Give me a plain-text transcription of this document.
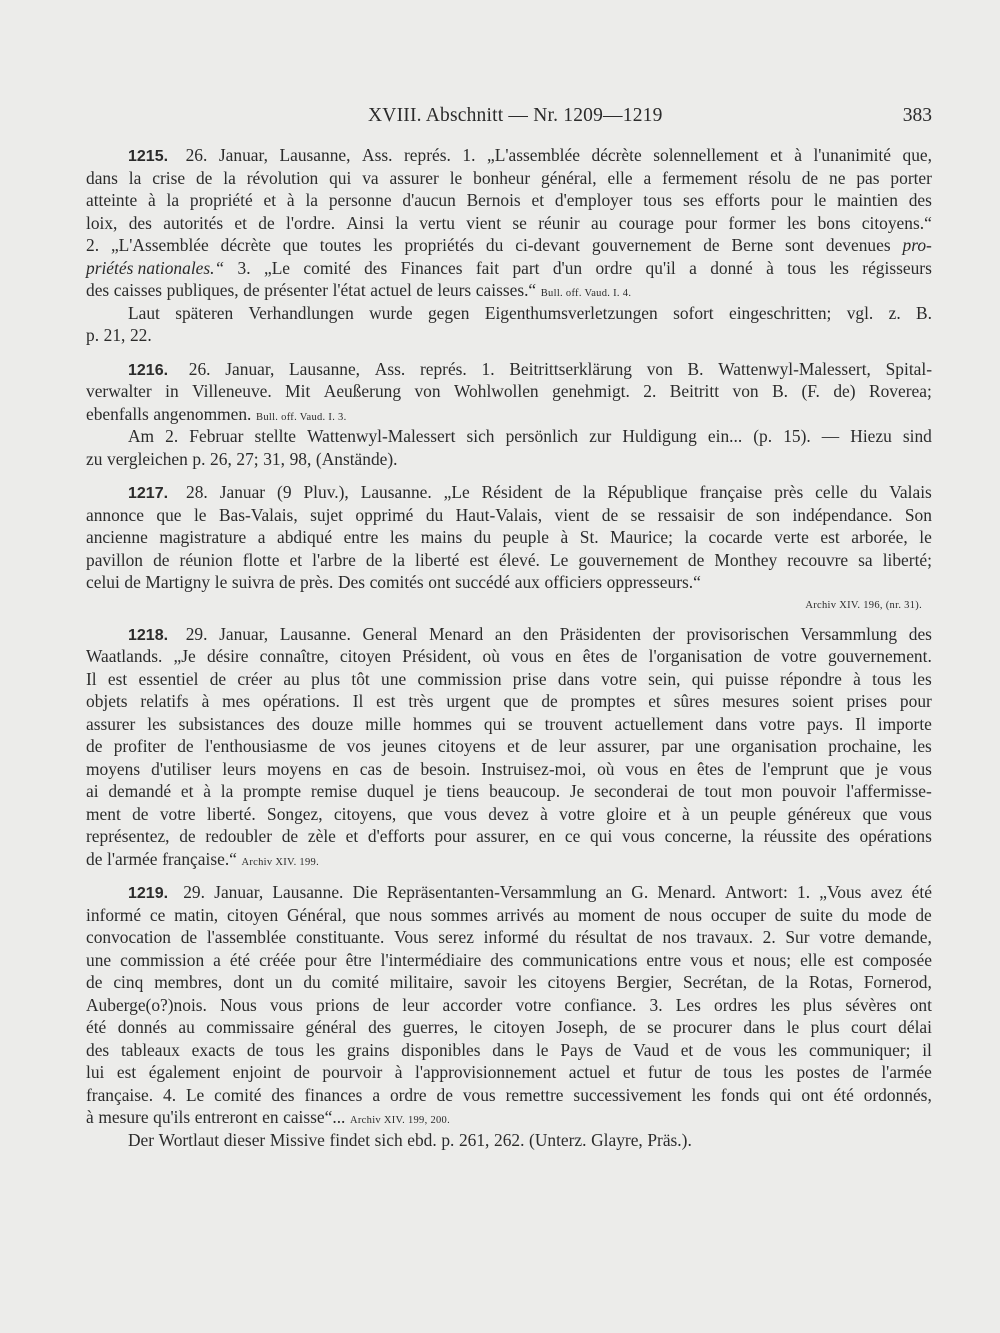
XVIII. Abschnitt — Nr. 1209—1219	383
1215. 26. Januar, Lausanne, Ass. représ. 1. „L'assemblée décrète solennellement et à l'unanimité que,
dans la crise de la révolution qui va assurer le bonheur général, elle a fermement résolu de ne pas porter
atteinte à la propriété et à la personne d'aucun Bernois et d'employer tous ses efforts pour le maintien des
loix, des autorités et de l'ordre. Ainsi la vertu vient se réunir au courage pour former les bons citoyens.“
2. „L'Assemblée décrète que toutes les propriétés du ci-devant gouvernement de Berne sont devenues pro-
priétés nationales.“ 3. „Le comité des Finances fait part d'un ordre qu'il a donné à tous les régisseurs
des caisses publiques, de présenter l'état actuel de leurs caisses.“ Bull. off. Vaud. I. 4.
Laut späteren Verhandlungen wurde gegen Eigenthumsverletzungen sofort eingeschritten; vgl. z. B.
p. 21, 22.
1216. 26. Januar, Lausanne, Ass. représ. 1. Beitrittserklärung von B. Wattenwyl-Malessert, Spital-
verwalter in Villeneuve. Mit Aeußerung von Wohlwollen genehmigt. 2. Beitritt von B. (F. de) Roverea;
ebenfalls angenommen. Bull. off. Vaud. I. 3.
Am 2. Februar stellte Wattenwyl-Malessert sich persönlich zur Huldigung ein... (p. 15). — Hiezu sind
zu vergleichen p. 26, 27; 31, 98, (Anstände).
1217. 28. Januar (9 Pluv.), Lausanne. „Le Résident de la République française près celle du Valais
annonce que le Bas-Valais, sujet opprimé du Haut-Valais, vient de se ressaisir de son indépendance. Son
ancienne magistrature a abdiqué entre les mains du peuple à St. Maurice; la cocarde verte est arborée, le
pavillon de réunion flotte et l'arbre de la liberté est élevé. Le gouvernement de Monthey recouvre sa liberté;
celui de Martigny le suivra de près. Des comités ont succédé aux officiers oppresseurs.“
Archiv XIV. 196, (nr. 31).
1218. 29. Januar, Lausanne. General Menard an den Präsidenten der provisorischen Versammlung des
Waatlands. „Je désire connaître, citoyen Président, où vous en êtes de l'organisation de votre gouvernement.
Il est essentiel de créer au plus tôt une commission prise dans votre sein, qui puisse répondre à tous les
objets relatifs à mes opérations. Il est très urgent que de promptes et sûres mesures soient prises pour
assurer les subsistances des douze mille hommes qui se trouvent actuellement dans votre pays. Il importe
de profiter de l'enthousiasme de vos jeunes citoyens et de leur assurer, par une organisation prochaine, les
moyens d'utiliser leurs moyens en cas de besoin. Instruisez-moi, où vous en êtes de l'emprunt que je vous
ai demandé et à la prompte remise duquel je tiens beaucoup. Je seconderai de tout mon pouvoir l'affermisse-
ment de votre liberté. Songez, citoyens, que vous devez à votre gloire et à un peuple généreux que vous
représentez, de redoubler de zèle et d'efforts pour assurer, en ce qui vous concerne, la réussite des opérations
de l'armée française.“ Archiv XIV. 199.
1219. 29. Januar, Lausanne. Die Repräsentanten-Versammlung an G. Menard. Antwort: 1. „Vous avez été
informé ce matin, citoyen Général, que nous sommes arrivés au moment de nous occuper de suite du mode de
convocation de l'assemblée constituante. Vous serez informé du résultat de nos travaux. 2. Sur votre demande,
une commission a été créée pour être l'intermédiaire des communications entre vous et nous; elle est composée
de cinq membres, dont un du comité militaire, savoir les citoyens Bergier, Secrétan, de la Rotas, Fornerod,
Auberge(o?)nois. Nous vous prions de leur accorder votre confiance. 3. Les ordres les plus sévères ont
été donnés au commissaire général des guerres, le citoyen Joseph, de se procurer dans le plus court délai
des tableaux exacts de tous les grains disponibles dans le Pays de Vaud et de vous les communiquer; il
lui est également enjoint de pourvoir à l'approvisionnement actuel et futur de tous les postes de l'armée
française. 4. Le comité des finances a ordre de vous remettre successivement les fonds qui ont été ordonnés,
à mesure qu'ils entreront en caisse“... Archiv XIV. 199, 200.
Der Wortlaut dieser Missive findet sich ebd. p. 261, 262. (Unterz. Glayre, Präs.).
